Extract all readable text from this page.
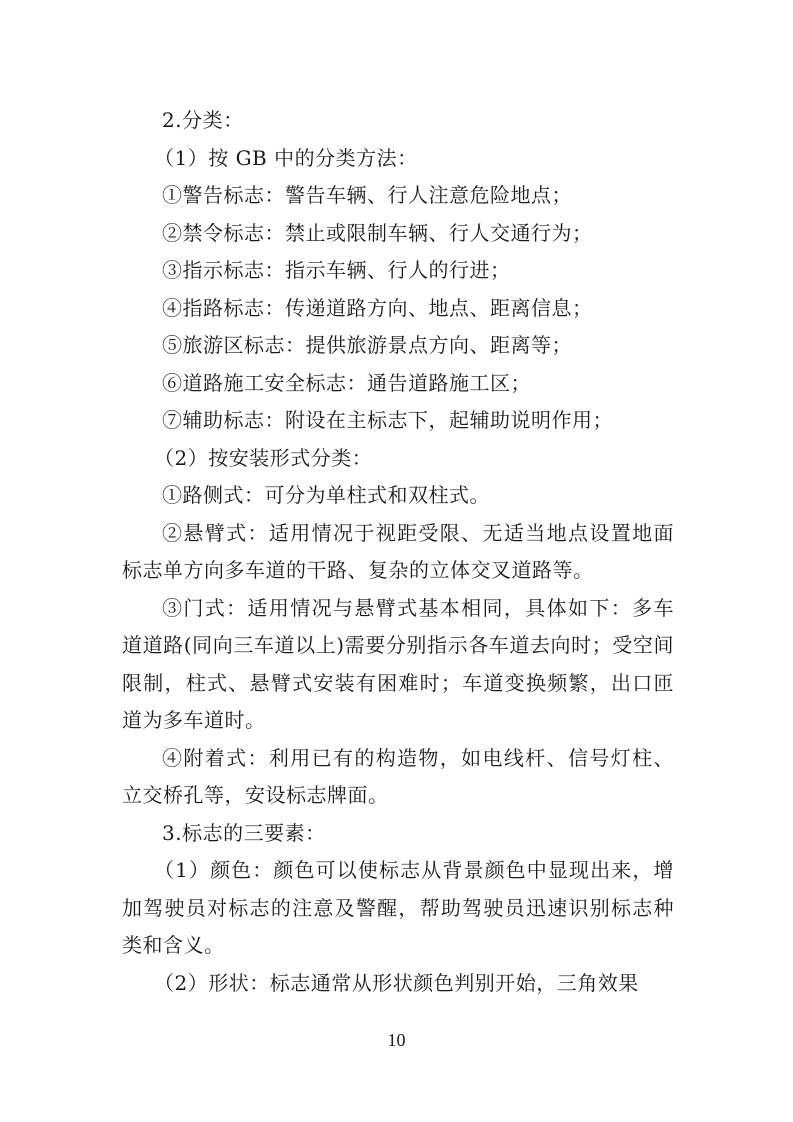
2.分类：

（1）按 GB 中的分类方法：

①警告标志：警告车辆、行人注意危险地点；

②禁令标志：禁止或限制车辆、行人交通行为；

③指示标志：指示车辆、行人的行进；

④指路标志：传递道路方向、地点、距离信息；

⑤旅游区标志：提供旅游景点方向、距离等；

⑥道路施工安全标志：通告道路施工区；

⑦辅助标志：附设在主标志下，起辅助说明作用；

（2）按安装形式分类：

①路侧式：可分为单柱式和双柱式。

②悬臂式：适用情况于视距受限、无适当地点设置地面标志单方向多车道的干路、复杂的立体交叉道路等。

③门式：适用情况与悬臂式基本相同，具体如下：多车道道路(同向三车道以上)需要分别指示各车道去向时；受空间限制，柱式、悬臂式安装有困难时；车道变换频繁，出口匝道为多车道时。

④附着式：利用已有的构造物，如电线杆、信号灯柱、立交桥孔等，安设标志牌面。

3.标志的三要素：

（1）颜色：颜色可以使标志从背景颜色中显现出来，增加驾驶员对标志的注意及警醒，帮助驾驶员迅速识别标志种类和含义。

（2）形状：标志通常从形状颜色判别开始，三角效果

10
